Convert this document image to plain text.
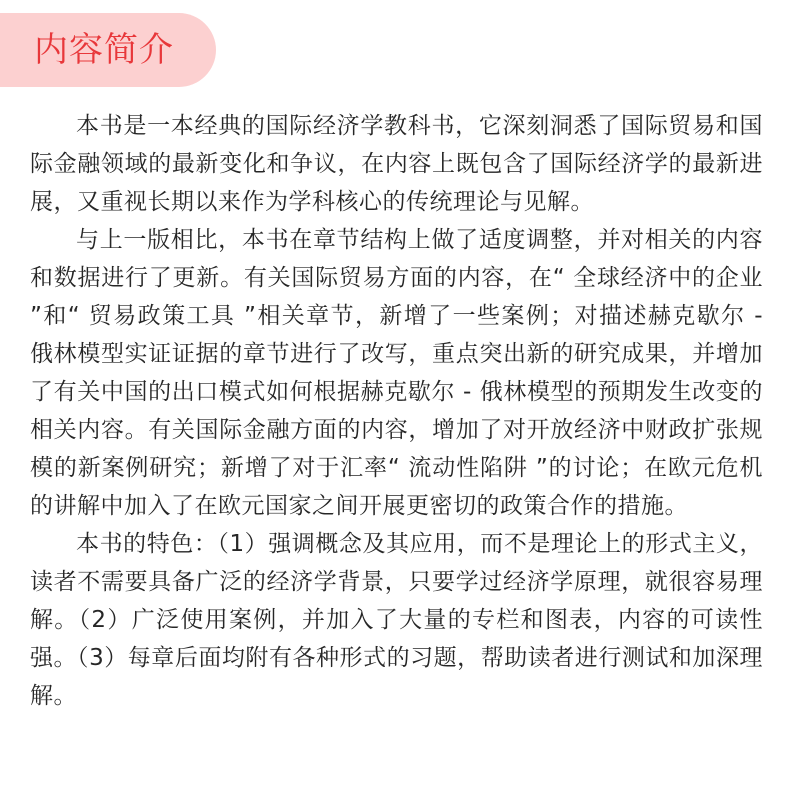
内容简介

本书是一本经典的国际经济学教科书，它深刻洞悉了国际贸易和国际金融领域的最新变化和争议，在内容上既包含了国际经济学的最新进展，又重视长期以来作为学科核心的传统理论与见解。

与上一版相比，本书在章节结构上做了适度调整，并对相关的内容和数据进行了更新。有关国际贸易方面的内容，在“ 全球经济中的企业 ”和“ 贸易政策工具 ”相关章节，新增了一些案例；对描述赫克歇尔 - 俄林模型实证证据的章节进行了改写，重点突出新的研究成果，并增加了有关中国的出口模式如何根据赫克歇尔 - 俄林模型的预期发生改变的相关内容。有关国际金融方面的内容，增加了对开放经济中财政扩张规模的新案例研究；新增了对于汇率“ 流动性陷阱 ”的讨论；在欧元危机的讲解中加入了在欧元国家之间开展更密切的政策合作的措施。

本书的特色：（1）强调概念及其应用，而不是理论上的形式主义，读者不需要具备广泛的经济学背景，只要学过经济学原理，就很容易理解。（2）广泛使用案例，并加入了大量的专栏和图表，内容的可读性强。（3）每章后面均附有各种形式的习题，帮助读者进行测试和加深理解。
